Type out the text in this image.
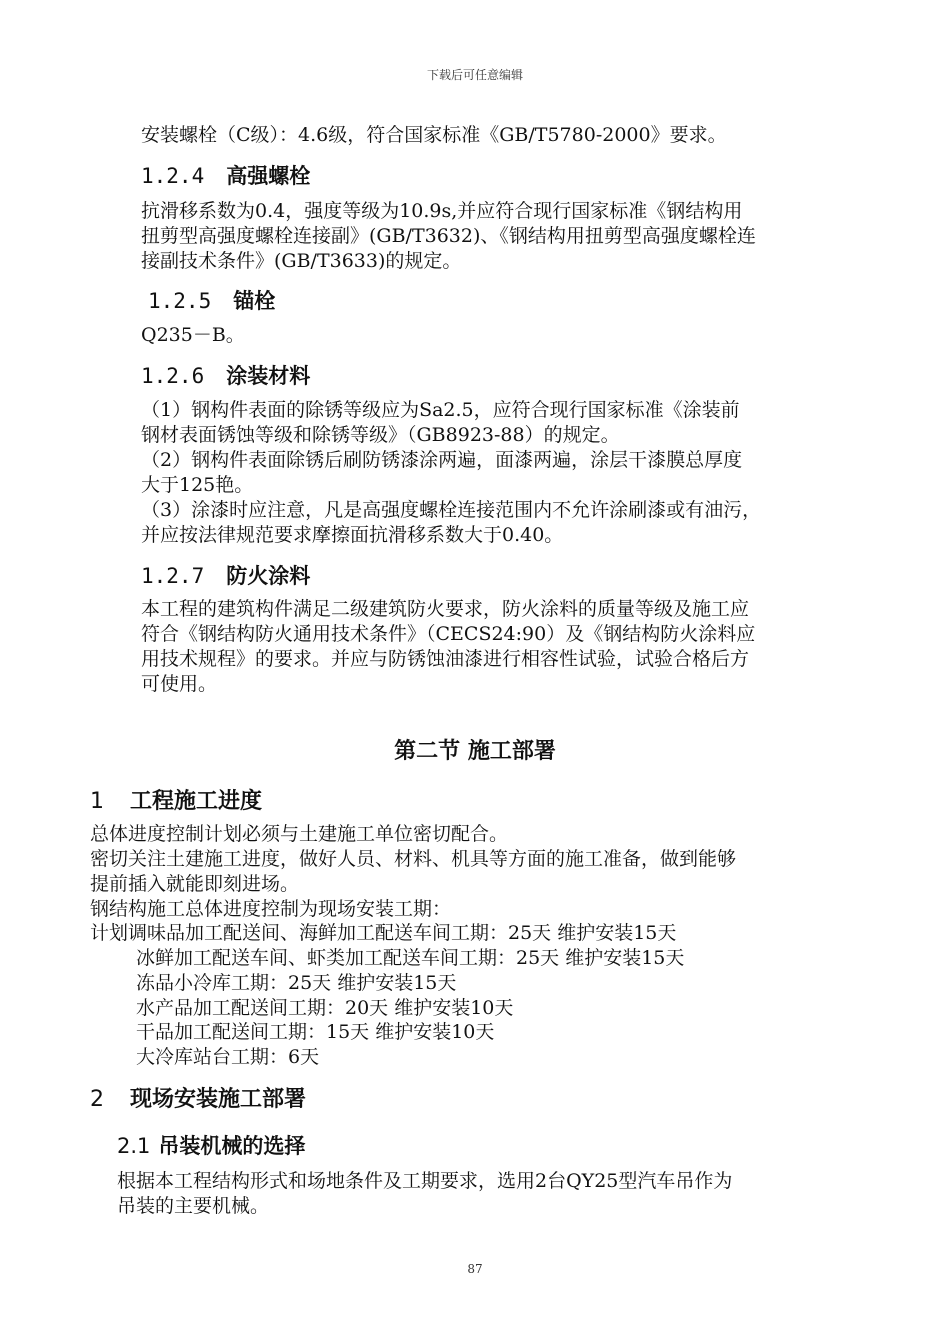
下载后可任意编辑
安装螺栓（C级）：4.6级，符合国家标准《GB/T5780-2000》要求。
1.2.4 高强螺栓
抗滑移系数为0.4，强度等级为10.9s,并应符合现行国家标准《钢结构用
扭剪型高强度螺栓连接副》(GB/T3632)、《钢结构用扭剪型高强度螺栓连
接副技术条件》(GB/T3633)的规定。
1.2.5 锚栓
Q235－B。
1.2.6 涂装材料
（1）钢构件表面的除锈等级应为Sa2.5，应符合现行国家标准《涂装前
钢材表面锈蚀等级和除锈等级》（GB8923-88）的规定。
（2）钢构件表面除锈后刷防锈漆涂两遍，面漆两遍，涂层干漆膜总厚度
大于125艳。
（3）涂漆时应注意，凡是高强度螺栓连接范围内不允许涂刷漆或有油污，
并应按法律规范要求摩擦面抗滑移系数大于0.40。
1.2.7 防火涂料
本工程的建筑构件满足二级建筑防火要求，防火涂料的质量等级及施工应
符合《钢结构防火通用技术条件》（CECS24:90）及《钢结构防火涂料应
用技术规程》的要求。并应与防锈蚀油漆进行相容性试验，试验合格后方
可使用。
第二节 施工部署
1 工程施工进度
总体进度控制计划必须与土建施工单位密切配合。
密切关注土建施工进度，做好人员、材料、机具等方面的施工准备，做到能够
提前插入就能即刻进场。
钢结构施工总体进度控制为现场安装工期：
计划调味品加工配送间、海鲜加工配送车间工期：25天 维护安装15天
冰鲜加工配送车间、虾类加工配送车间工期：25天 维护安装15天
冻品小冷库工期：25天 维护安装15天
水产品加工配送间工期：20天 维护安装10天
干品加工配送间工期：15天 维护安装10天
大冷库站台工期：6天
2 现场安装施工部署
2.1 吊装机械的选择
根据本工程结构形式和场地条件及工期要求，选用2台QY25型汽车吊作为
吊装的主要机械。
87
